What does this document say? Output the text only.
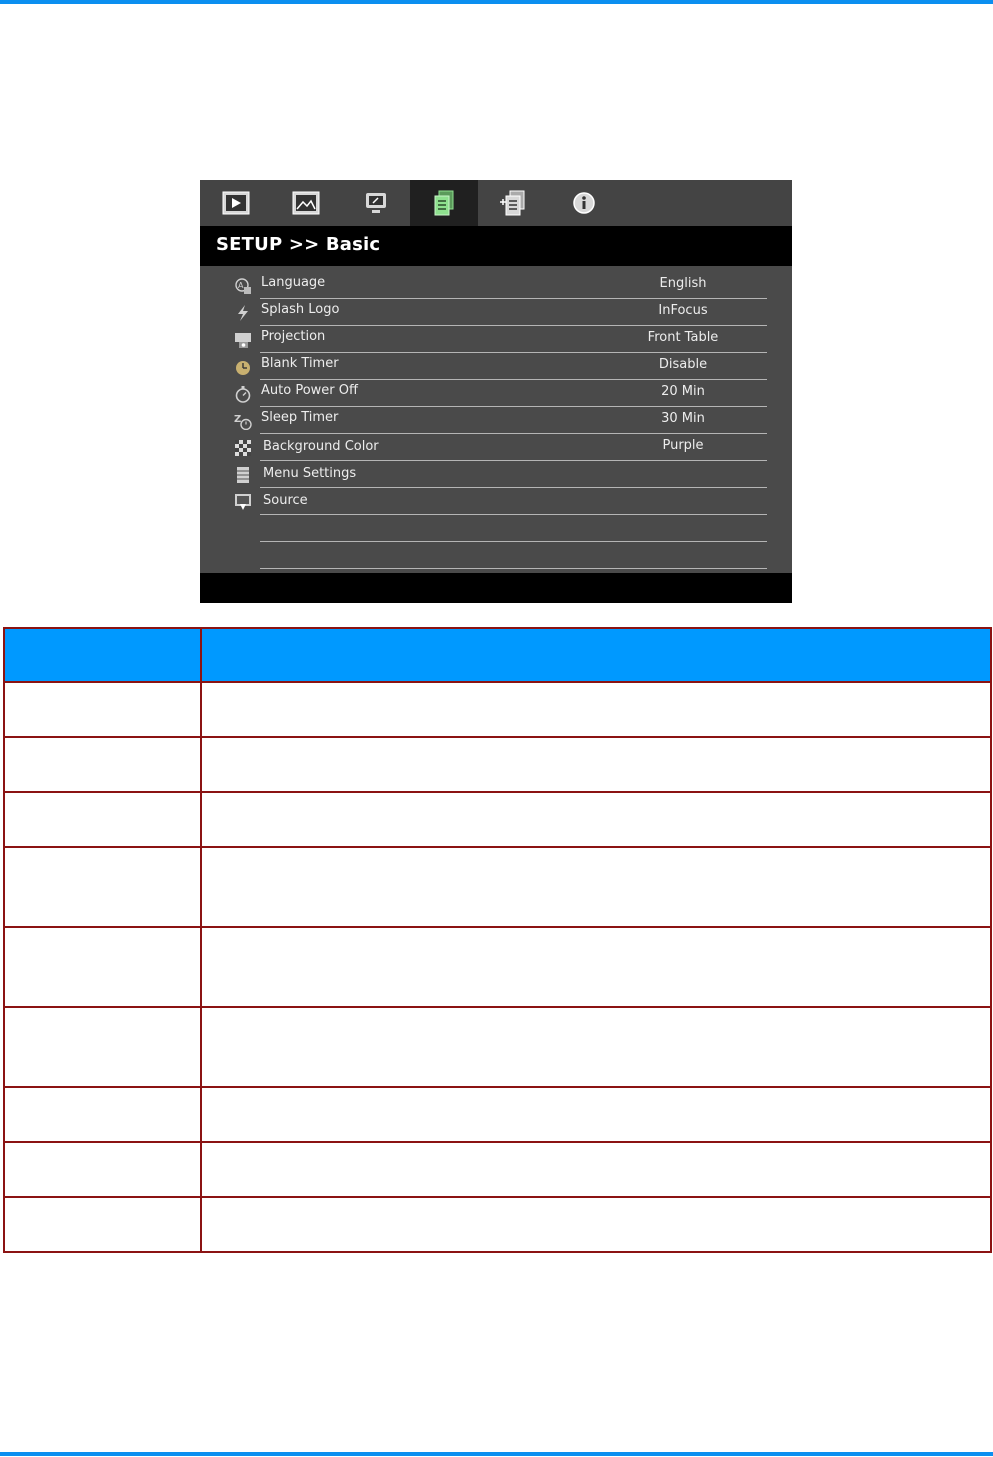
SETUP >> Basic
A Language	English
Splash Logo	InFocus
Projection	Front Table
Blank Timer	Disable
Auto Power Off	20 Min
Z Sleep Timer	30 Min
Background Color	Purple
Menu Settings
Source
